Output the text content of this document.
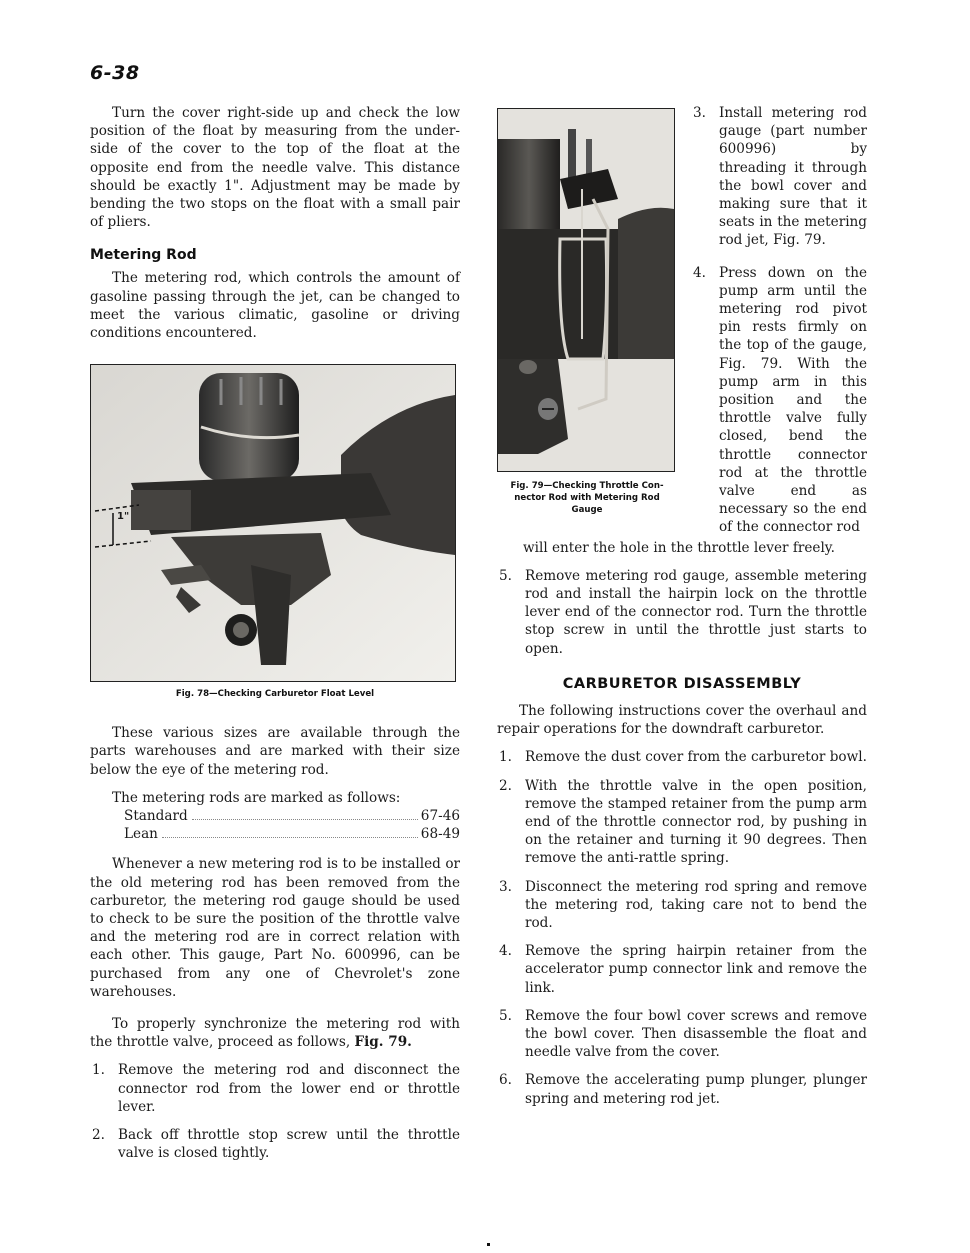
6-38

Turn the cover right-side up and check the low position of the float by measuring from the under-side of the cover to the top of the float at the opposite end from the needle valve. This distance should be exactly 1". Adjustment may be made by bending the two stops on the float with a small pair of pliers.

Metering Rod

The metering rod, which controls the amount of gasoline passing through the jet, can be changed to meet the various climatic, gasoline or driving conditions encountered.

1"
Fig. 78—Checking Carburetor Float Level

These various sizes are available through the parts warehouses and are marked with their size below the eye of the metering rod.

The metering rods are marked as follows:

Standard	67-46
Lean	68-49

Whenever a new metering rod is to be installed or the old metering rod has been removed from the carburetor, the metering rod gauge should be used to check to be sure the position of the throttle valve and the metering rod are in correct relation with each other. This gauge, Part No. 600996, can be purchased from any one of Chevrolet's zone warehouses.

To properly synchronize the metering rod with the throttle valve, proceed as follows, Fig. 79.

1. Remove the metering rod and disconnect the connector rod from the lower end or throttle lever.
2. Back off throttle stop screw until the throttle valve is closed tightly.
Fig. 79—Checking Throttle Con-
nector Rod with Metering Rod
Gauge
3. Install metering rod gauge (part number 600996) by threading it through the bowl cover and making sure that it seats in the metering rod jet, Fig. 79.
4. Press down on the pump arm until the metering rod pivot pin rests firmly on the top of the gauge, Fig. 79. With the pump arm in this position and the throttle valve fully closed, bend the throttle connector rod at the throttle valve end as necessary so the end of the connector rod

will enter the hole in the throttle lever freely.

5. Remove metering rod gauge, assemble metering rod and install the hairpin lock on the throttle lever end of the connector rod. Turn the throttle stop screw in until the throttle just starts to open.
CARBURETOR DISASSEMBLY

The following instructions cover the overhaul and repair operations for the downdraft carburetor.

1. Remove the dust cover from the carburetor bowl.
2. With the throttle valve in the open position, remove the stamped retainer from the pump arm end of the throttle connector rod, by pushing in on the retainer and turning it 90 degrees. Then remove the anti-rattle spring.
3. Disconnect the metering rod spring and remove the metering rod, taking care not to bend the rod.
4. Remove the spring hairpin retainer from the accelerator pump connector link and remove the link.
5. Remove the four bowl cover screws and remove the bowl cover. Then disassemble the float and needle valve from the cover.
6. Remove the accelerating pump plunger, plunger spring and metering rod jet.
